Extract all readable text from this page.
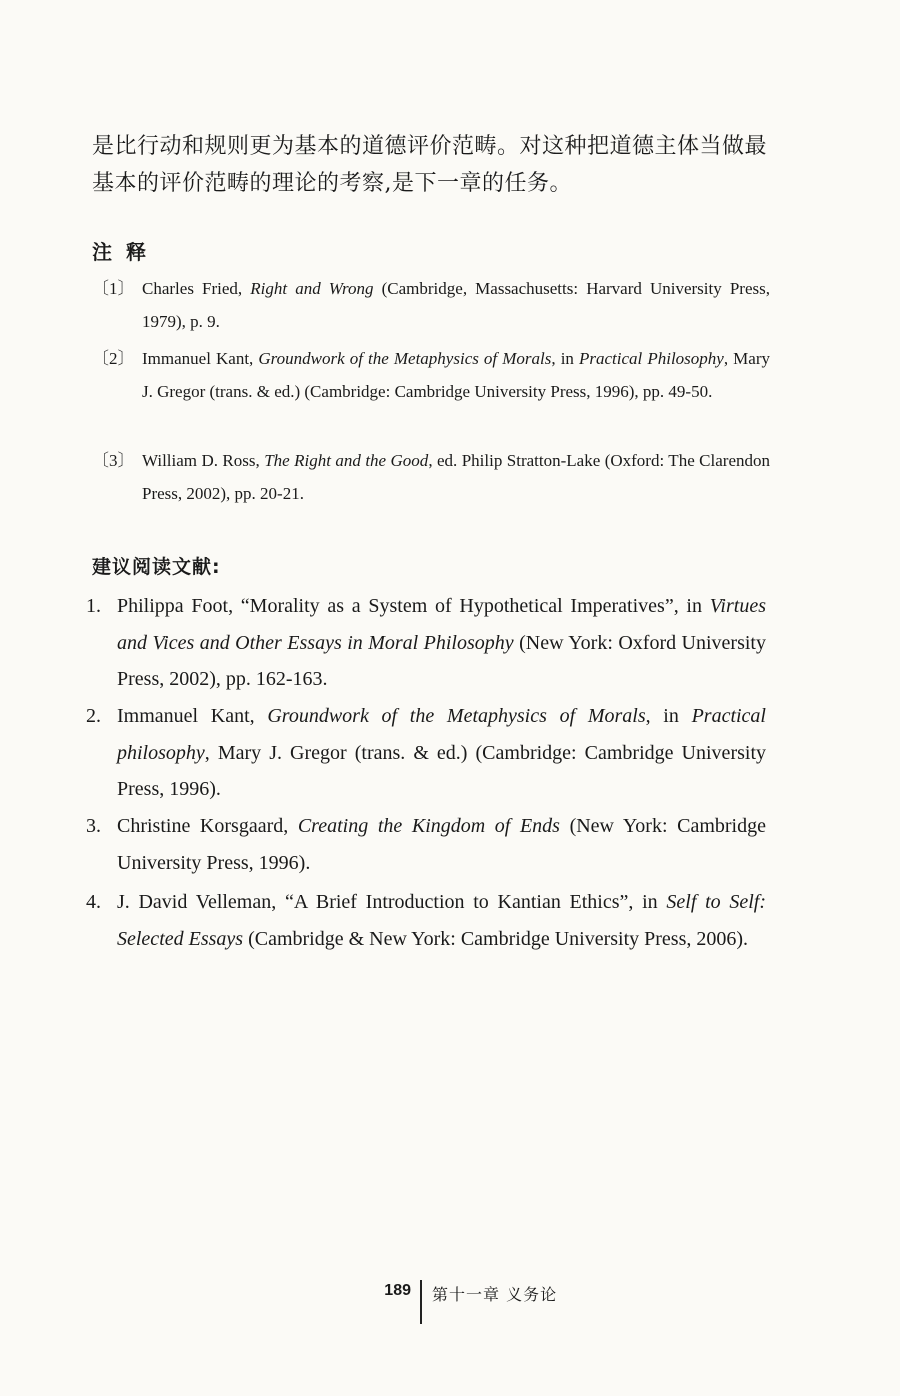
是比行动和规则更为基本的道德评价范畴。对这种把道德主体当做最

基本的评价范畴的理论的考察,是下一章的任务。

注释
〔1〕 Charles Fried, Right and Wrong (Cambridge, Massachusetts: Harvard University Press, 1979), p. 9.
〔2〕 Immanuel Kant, Groundwork of the Metaphysics of Morals, in Practical Philosophy, Mary J. Gregor (trans. & ed.) (Cambridge: Cambridge University Press, 1996), pp. 49-50.
〔3〕 William D. Ross, The Right and the Good, ed. Philip Stratton-Lake (Oxford: The Clarendon Press, 2002), pp. 20-21.
建议阅读文献:
1. Philippa Foot, “Morality as a System of Hypothetical Imperatives”, in Virtues and Vices and Other Essays in Moral Philosophy (New York: Oxford University Press, 2002), pp. 162-163.
2. Immanuel Kant, Groundwork of the Metaphysics of Morals, in Practical philosophy, Mary J. Gregor (trans. & ed.) (Cambridge: Cambridge University Press, 1996).
3. Christine Korsgaard, Creating the Kingdom of Ends (New York: Cambridge University Press, 1996).
4. J. David Velleman, “A Brief Introduction to Kantian Ethics”, in Self to Self: Selected Essays (Cambridge & New York: Cambridge University Press, 2006).
189 第十一章 义务论
